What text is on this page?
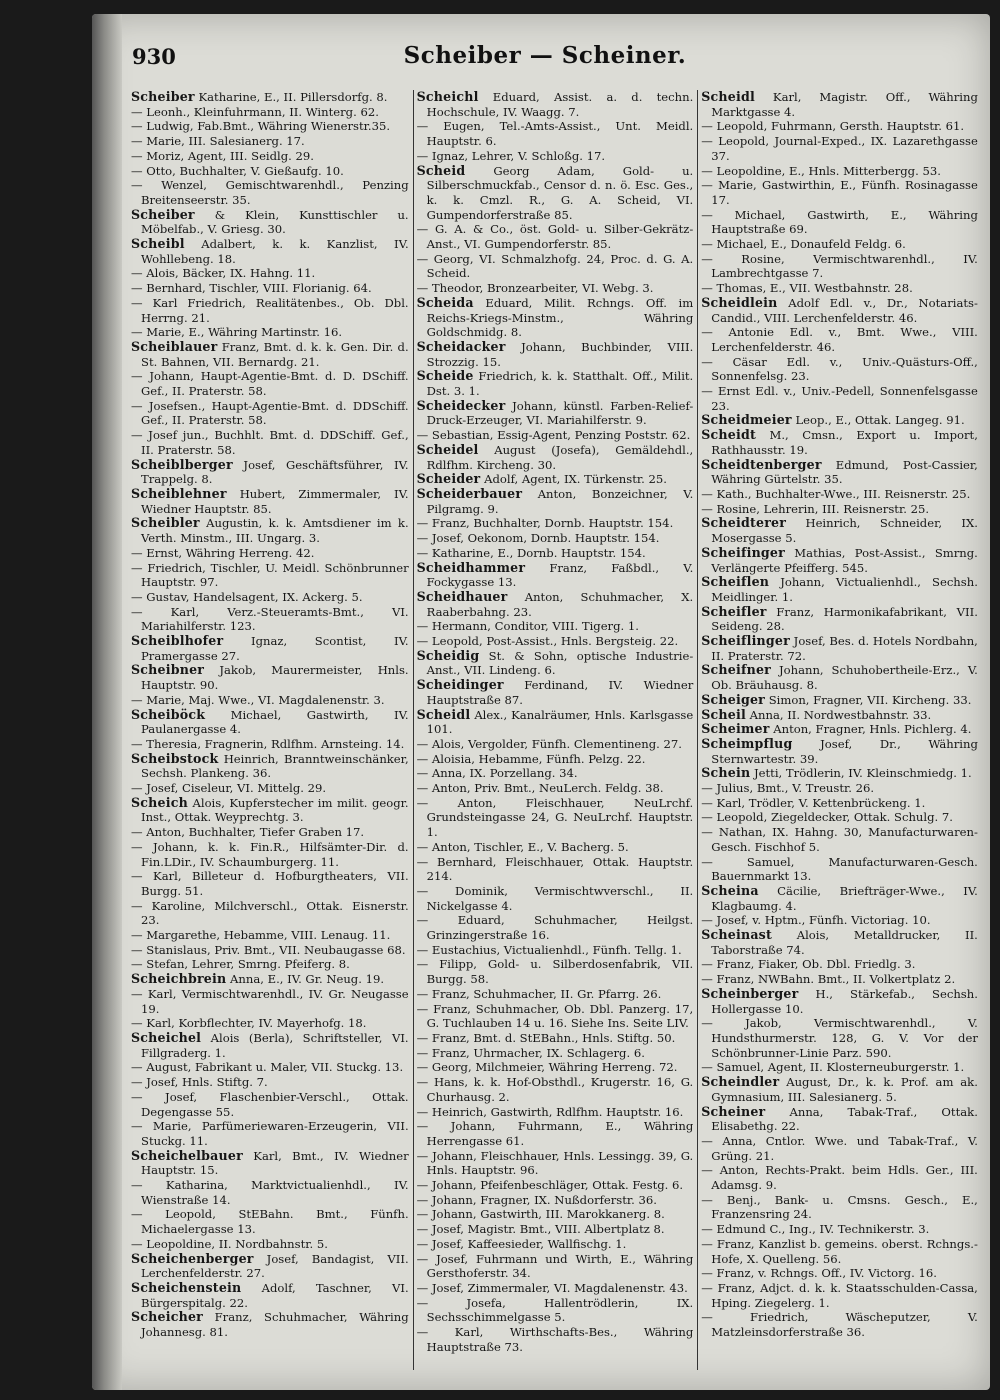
930	Scheiber — Scheiner.

Scheiber Katharine, E., II. Pillersdorfg. 8.

— Leonh., Kleinfuhrmann, II. Winterg. 62.

— Ludwig, Fab.Bmt., Währing Wienerstr.35.

— Marie, III. Salesianerg. 17.

— Moriz, Agent, III. Seidlg. 29.

— Otto, Buchhalter, V. Gießaufg. 10.

— Wenzel, Gemischtwarenhdl., Penzing Breitenseerstr. 35.

Scheiber & Klein, Kunsttischler u. Möbelfab., V. Griesg. 30.

Scheibl Adalbert, k. k. Kanzlist, IV. Wohllebeng. 18.

— Alois, Bäcker, IX. Hahng. 11.

— Bernhard, Tischler, VIII. Florianig. 64.

— Karl Friedrich, Realitätenbes., Ob. Dbl. Herrng. 21.

— Marie, E., Währing Martinstr. 16.

Scheiblauer Franz, Bmt. d. k. k. Gen. Dir. d. St. Bahnen, VII. Bernardg. 21.

— Johann, Haupt-Agentie-Bmt. d. D. DSchiff. Gef., II. Praterstr. 58.

— Josefsen., Haupt-Agentie-Bmt. d. DDSchiff. Gef., II. Praterstr. 58.

— Josef jun., Buchhlt. Bmt. d. DDSchiff. Gef., II. Praterstr. 58.

Scheiblberger Josef, Geschäftsführer, IV. Trappelg. 8.

Scheiblehner Hubert, Zimmermaler, IV. Wiedner Hauptstr. 85.

Scheibler Augustin, k. k. Amtsdiener im k. Verth. Minstm., III. Ungarg. 3.

— Ernst, Währing Herreng. 42.

— Friedrich, Tischler, U. Meidl. Schönbrunner Hauptstr. 97.

— Gustav, Handelsagent, IX. Ackerg. 5.

— Karl, Verz.-Steueramts-Bmt., VI. Mariahilferstr. 123.

Scheiblhofer Ignaz, Scontist, IV. Pramergasse 27.

Scheibner Jakob, Maurermeister, Hnls. Hauptstr. 90.

— Marie, Maj. Wwe., VI. Magdalenenstr. 3.

Scheiböck Michael, Gastwirth, IV. Paulanergasse 4.

— Theresia, Fragnerin, Rdlfhm. Arnsteing. 14.

Scheibstock Heinrich, Branntweinschänker, Sechsh. Plankeng. 36.

— Josef, Ciseleur, VI. Mittelg. 29.

Scheich Alois, Kupferstecher im milit. geogr. Inst., Ottak. Weyprechtg. 3.

— Anton, Buchhalter, Tiefer Graben 17.

— Johann, k. k. Fin.R., Hilfsämter-Dir. d. Fin.LDir., IV. Schaumburgerg. 11.

— Karl, Billeteur d. Hofburgtheaters, VII. Burgg. 51.

— Karoline, Milchverschl., Ottak. Eisnerstr. 23.

— Margarethe, Hebamme, VIII. Lenaug. 11.

— Stanislaus, Priv. Bmt., VII. Neubaugasse 68.

— Stefan, Lehrer, Smrng. Pfeiferg. 8.

Scheichbrein Anna, E., IV. Gr. Neug. 19.

— Karl, Vermischtwarenhdl., IV. Gr. Neugasse 19.

— Karl, Korbflechter, IV. Mayerhofg. 18.

Scheichel Alois (Berla), Schriftsteller, VI. Fillgraderg. 1.

— August, Fabrikant u. Maler, VII. Stuckg. 13.

— Josef, Hnls. Stiftg. 7.

— Josef, Flaschenbier-Verschl., Ottak. Degengasse 55.

— Marie, Parfümeriewaren-Erzeugerin, VII. Stuckg. 11.

Scheichelbauer Karl, Bmt., IV. Wiedner Hauptstr. 15.

— Katharina, Marktvictualienhdl., IV. Wienstraße 14.

— Leopold, StEBahn. Bmt., Fünfh. Michaelergasse 13.

— Leopoldine, II. Nordbahnstr. 5.

Scheichenberger Josef, Bandagist, VII. Lerchenfelderstr. 27.

Scheichenstein Adolf, Taschner, VI. Bürgerspitalg. 22.

Scheicher Franz, Schuhmacher, Währing Johannesg. 81.

Scheichl Eduard, Assist. a. d. techn. Hochschule, IV. Waagg. 7.

— Eugen, Tel.-Amts-Assist., Unt. Meidl. Hauptstr. 6.

— Ignaz, Lehrer, V. Schloßg. 17.

Scheid Georg Adam, Gold- u. Silberschmuckfab., Censor d. n. ö. Esc. Ges., k. k. Cmzl. R., G. A. Scheid, VI. Gumpendorferstraße 85.

— G. A. & Co., öst. Gold- u. Silber-Gekrätz-Anst., VI. Gumpendorferstr. 85.

— Georg, VI. Schmalzhofg. 24, Proc. d. G. A. Scheid.

— Theodor, Bronzearbeiter, VI. Webg. 3.

Scheida Eduard, Milit. Rchngs. Off. im Reichs-Kriegs-Minstm., Währing Goldschmidg. 8.

Scheidacker Johann, Buchbinder, VIII. Strozzig. 15.

Scheide Friedrich, k. k. Statthalt. Off., Milit. Dst. 3. 1.

Scheidecker Johann, künstl. Farben-Relief-Druck-Erzeuger, VI. Mariahilferstr. 9.

— Sebastian, Essig-Agent, Penzing Poststr. 62.

Scheidel August (Josefa), Gemäldehdl., Rdlfhm. Kircheng. 30.

Scheider Adolf, Agent, IX. Türkenstr. 25.

Scheiderbauer Anton, Bonzeichner, V. Pilgramg. 9.

— Franz, Buchhalter, Dornb. Hauptstr. 154.

— Josef, Oekonom, Dornb. Hauptstr. 154.

— Katharine, E., Dornb. Hauptstr. 154.

Scheidhammer Franz, Faßbdl., V. Fockygasse 13.

Scheidhauer Anton, Schuhmacher, X. Raaberbahng. 23.

— Hermann, Conditor, VIII. Tigerg. 1.

— Leopold, Post-Assist., Hnls. Bergsteig. 22.

Scheidig St. & Sohn, optische Industrie-Anst., VII. Lindeng. 6.

Scheidinger Ferdinand, IV. Wiedner Hauptstraße 87.

Scheidl Alex., Kanalräumer, Hnls. Karlsgasse 101.

— Alois, Vergolder, Fünfh. Clementineng. 27.

— Aloisia, Hebamme, Fünfh. Pelzg. 22.

— Anna, IX. Porzellang. 34.

— Anton, Priv. Bmt., NeuLerch. Feldg. 38.

— Anton, Fleischhauer, NeuLrchf. Grundsteingasse 24, G. NeuLrchf. Hauptstr. 1.

— Anton, Tischler, E., V. Bacherg. 5.

— Bernhard, Fleischhauer, Ottak. Hauptstr. 214.

— Dominik, Vermischtwverschl., II. Nickelgasse 4.

— Eduard, Schuhmacher, Heilgst. Grinzingerstraße 16.

— Eustachius, Victualienhdl., Fünfh. Tellg. 1.

— Filipp, Gold- u. Silberdosenfabrik, VII. Burgg. 58.

— Franz, Schuhmacher, II. Gr. Pfarrg. 26.

— Franz, Schuhmacher, Ob. Dbl. Panzerg. 17, G. Tuchlauben 14 u. 16. Siehe Ins. Seite LIV.

— Franz, Bmt. d. StEBahn., Hnls. Stiftg. 50.

— Franz, Uhrmacher, IX. Schlagerg. 6.

— Georg, Milchmeier, Währing Herreng. 72.

— Hans, k. k. Hof-Obsthdl., Krugerstr. 16, G. Churhausg. 2.

— Heinrich, Gastwirth, Rdlfhm. Hauptstr. 16.

— Johann, Fuhrmann, E., Währing Herrengasse 61.

— Johann, Fleischhauer, Hnls. Lessingg. 39, G. Hnls. Hauptstr. 96.

— Johann, Pfeifenbeschläger, Ottak. Festg. 6.

— Johann, Fragner, IX. Nußdorferstr. 36.

— Johann, Gastwirth, III. Marokkanerg. 8.

— Josef, Magistr. Bmt., VIII. Albertplatz 8.

— Josef, Kaffeesieder, Wallfischg. 1.

— Josef, Fuhrmann und Wirth, E., Währing Gersthoferstr. 34.

— Josef, Zimmermaler, VI. Magdalenenstr. 43.

— Josefa, Hallentrödlerin, IX. Sechsschimmelgasse 5.

— Karl, Wirthschafts-Bes., Währing Hauptstraße 73.

Scheidl Karl, Magistr. Off., Währing Marktgasse 4.

— Leopold, Fuhrmann, Gersth. Hauptstr. 61.

— Leopold, Journal-Exped., IX. Lazarethgasse 37.

— Leopoldine, E., Hnls. Mitterbergg. 53.

— Marie, Gastwirthin, E., Fünfh. Rosinagasse 17.

— Michael, Gastwirth, E., Währing Hauptstraße 69.

— Michael, E., Donaufeld Feldg. 6.

— Rosine, Vermischtwarenhdl., IV. Lambrechtgasse 7.

— Thomas, E., VII. Westbahnstr. 28.

Scheidlein Adolf Edl. v., Dr., Notariats-Candid., VIII. Lerchenfelderstr. 46.

— Antonie Edl. v., Bmt. Wwe., VIII. Lerchenfelderstr. 46.

— Cäsar Edl. v., Univ.-Quästurs-Off., Sonnenfelsg. 23.

— Ernst Edl. v., Univ.-Pedell, Sonnenfelsgasse 23.

Scheidmeier Leop., E., Ottak. Langeg. 91.

Scheidt M., Cmsn., Export u. Import, Rathhausstr. 19.

Scheidtenberger Edmund, Post-Cassier, Währing Gürtelstr. 35.

— Kath., Buchhalter-Wwe., III. Reisnerstr. 25.

— Rosine, Lehrerin, III. Reisnerstr. 25.

Scheidterer Heinrich, Schneider, IX. Mosergasse 5.

Scheifinger Mathias, Post-Assist., Smrng. Verlängerte Pfeifferg. 545.

Scheiflen Johann, Victualienhdl., Sechsh. Meidlinger. 1.

Scheifler Franz, Harmonikafabrikant, VII. Seideng. 28.

Scheiflinger Josef, Bes. d. Hotels Nordbahn, II. Praterstr. 72.

Scheifner Johann, Schuhobertheile-Erz., V. Ob. Bräuhausg. 8.

Scheiger Simon, Fragner, VII. Kircheng. 33.

Scheil Anna, II. Nordwestbahnstr. 33.

Scheimer Anton, Fragner, Hnls. Pichlerg. 4.

Scheimpflug Josef, Dr., Währing Sternwartestr. 39.

Schein Jetti, Trödlerin, IV. Kleinschmiedg. 1.

— Julius, Bmt., V. Treustr. 26.

— Karl, Trödler, V. Kettenbrückeng. 1.

— Leopold, Ziegeldecker, Ottak. Schulg. 7.

— Nathan, IX. Hahng. 30, Manufacturwaren-Gesch. Fischhof 5.

— Samuel, Manufacturwaren-Gesch. Bauernmarkt 13.

Scheina Cäcilie, Briefträger-Wwe., IV. Klagbaumg. 4.

— Josef, v. Hptm., Fünfh. Victoriag. 10.

Scheinast Alois, Metalldrucker, II. Taborstraße 74.

— Franz, Fiaker, Ob. Dbl. Friedlg. 3.

— Franz, NWBahn. Bmt., II. Volkertplatz 2.

Scheinberger H., Stärkefab., Sechsh. Hollergasse 10.

— Jakob, Vermischtwarenhdl., V. Hundsthurmerstr. 128, G. V. Vor der Schönbrunner-Linie Parz. 590.

— Samuel, Agent, II. Klosterneuburgerstr. 1.

Scheindler August, Dr., k. k. Prof. am ak. Gymnasium, III. Salesianerg. 5.

Scheiner Anna, Tabak-Traf., Ottak. Elisabethg. 22.

— Anna, Cntlor. Wwe. und Tabak-Traf., V. Grüng. 21.

— Anton, Rechts-Prakt. beim Hdls. Ger., III. Adamsg. 9.

— Benj., Bank- u. Cmsns. Gesch., E., Franzensring 24.

— Edmund C., Ing., IV. Technikerstr. 3.

— Franz, Kanzlist b. gemeins. oberst. Rchngs.-Hofe, X. Quelleng. 56.

— Franz, v. Rchngs. Off., IV. Victorg. 16.

— Franz, Adjct. d. k. k. Staatsschulden-Cassa, Hping. Ziegelerg. 1.

— Friedrich, Wäscheputzer, V. Matzleinsdorferstraße 36.
